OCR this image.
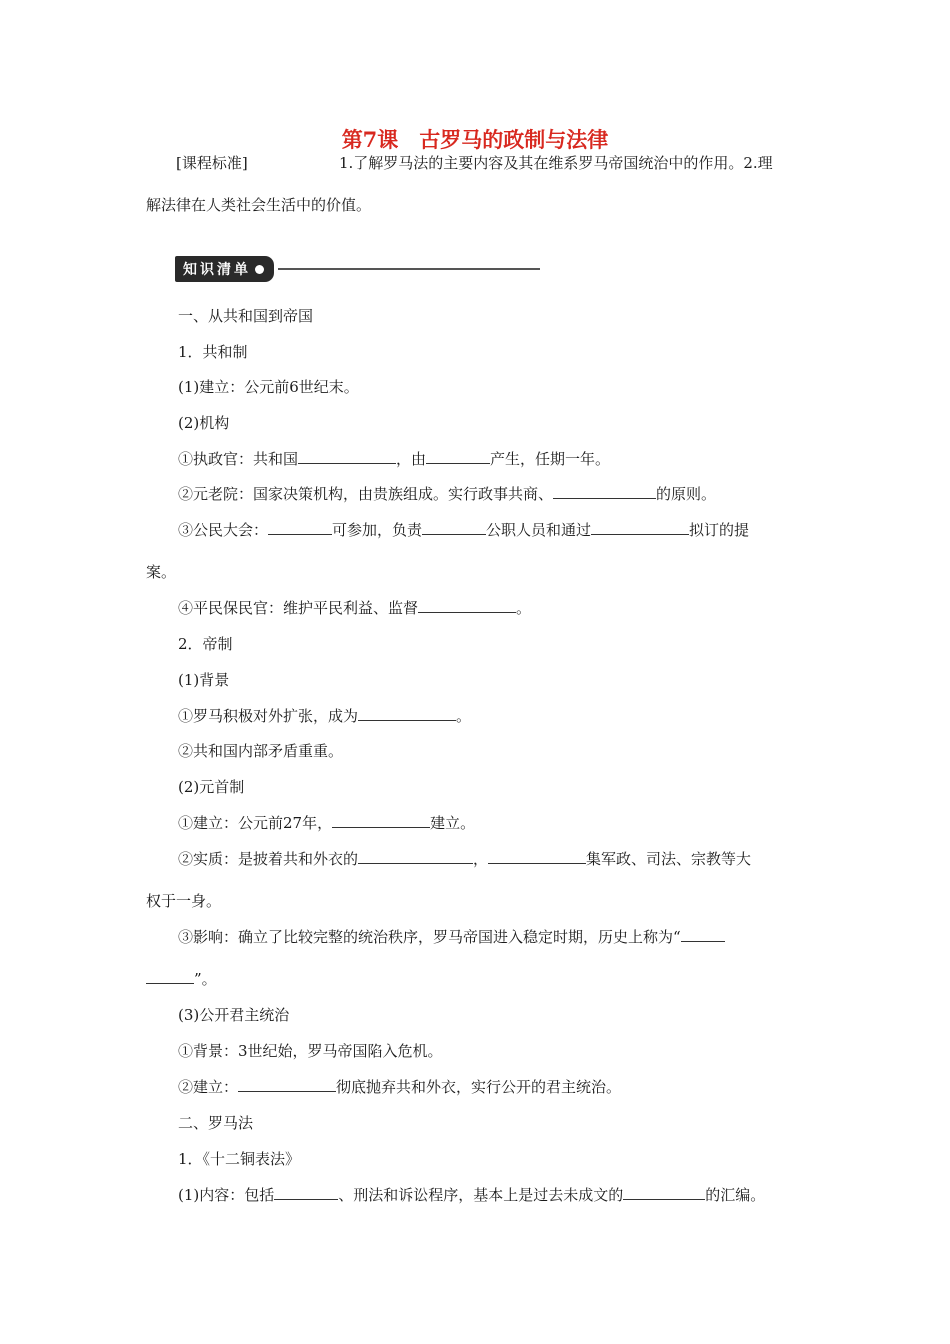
第7课　古罗马的政制与法律
[课程标准]	1.了解罗马法的主要内容及其在维系罗马帝国统治中的作用。2.理
解法律在人类社会生活中的价值。
知识清单
一、从共和国到帝国
1．共和制
(1)建立：公元前6世纪末。
(2)机构
①执政官：共和国	，由	产生，任期一年。
②元老院：国家决策机构，由贵族组成。实行政事共商、	的原则。
③公民大会：	可参加，负责	公职人员和通过	拟订的提
案。
④平民保民官：维护平民利益、监督	。
2．帝制
(1)背景
①罗马积极对外扩张，成为	。
②共和国内部矛盾重重。
(2)元首制
①建立：公元前27年，	建立。
②实质：是披着共和外衣的	，	集军政、司法、宗教等大
权于一身。
③影响：确立了比较完整的统治秩序，罗马帝国进入稳定时期，历史上称为“
”。
(3)公开君主统治
①背景：3世纪始，罗马帝国陷入危机。
②建立：	彻底抛弃共和外衣，实行公开的君主统治。
二、罗马法
1．《十二铜表法》
(1)内容：包括	、刑法和诉讼程序，基本上是过去未成文的	的汇编。
